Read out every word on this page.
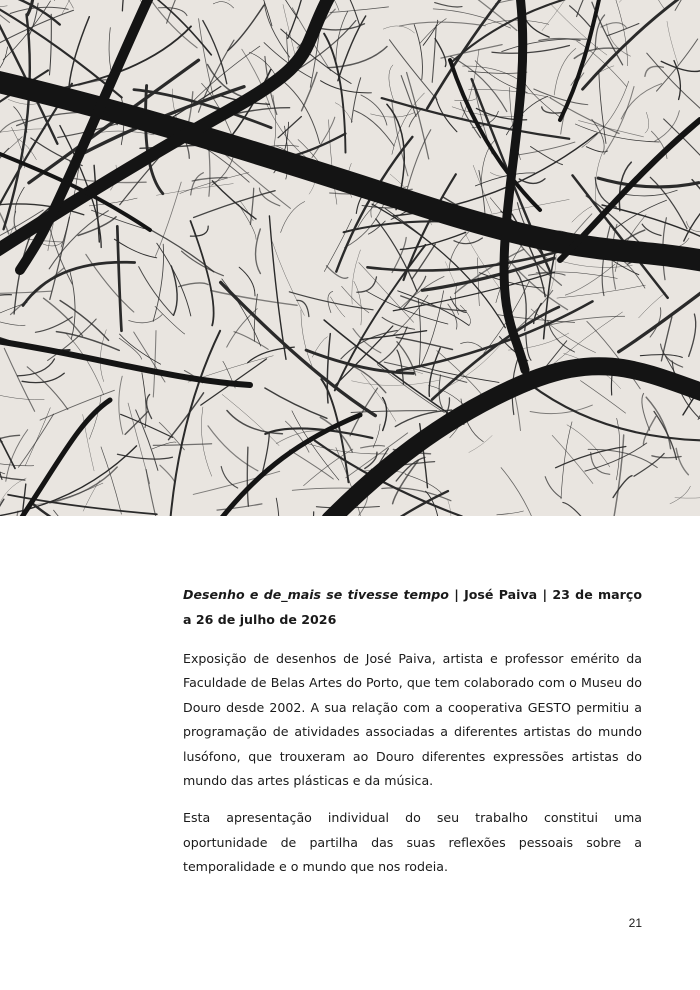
Desenho e de_mais se tivesse tempo | José Paiva | 23 de março a 26 de julho de 2026

Exposição de desenhos de José Paiva, artista e professor emérito da Faculdade de Belas Artes do Porto, que tem colaborado com o Museu do Douro desde 2002. A sua relação com a cooperativa GESTO permitiu a programação de atividades associadas a diferentes artistas do mundo lusófono, que trouxeram ao Douro diferentes expressões artistas do mundo das artes plásticas e da música.

Esta apresentação individual do seu trabalho constitui uma oportunidade de partilha das suas reflexões pessoais sobre a temporalidade e o mundo que nos rodeia.

21
